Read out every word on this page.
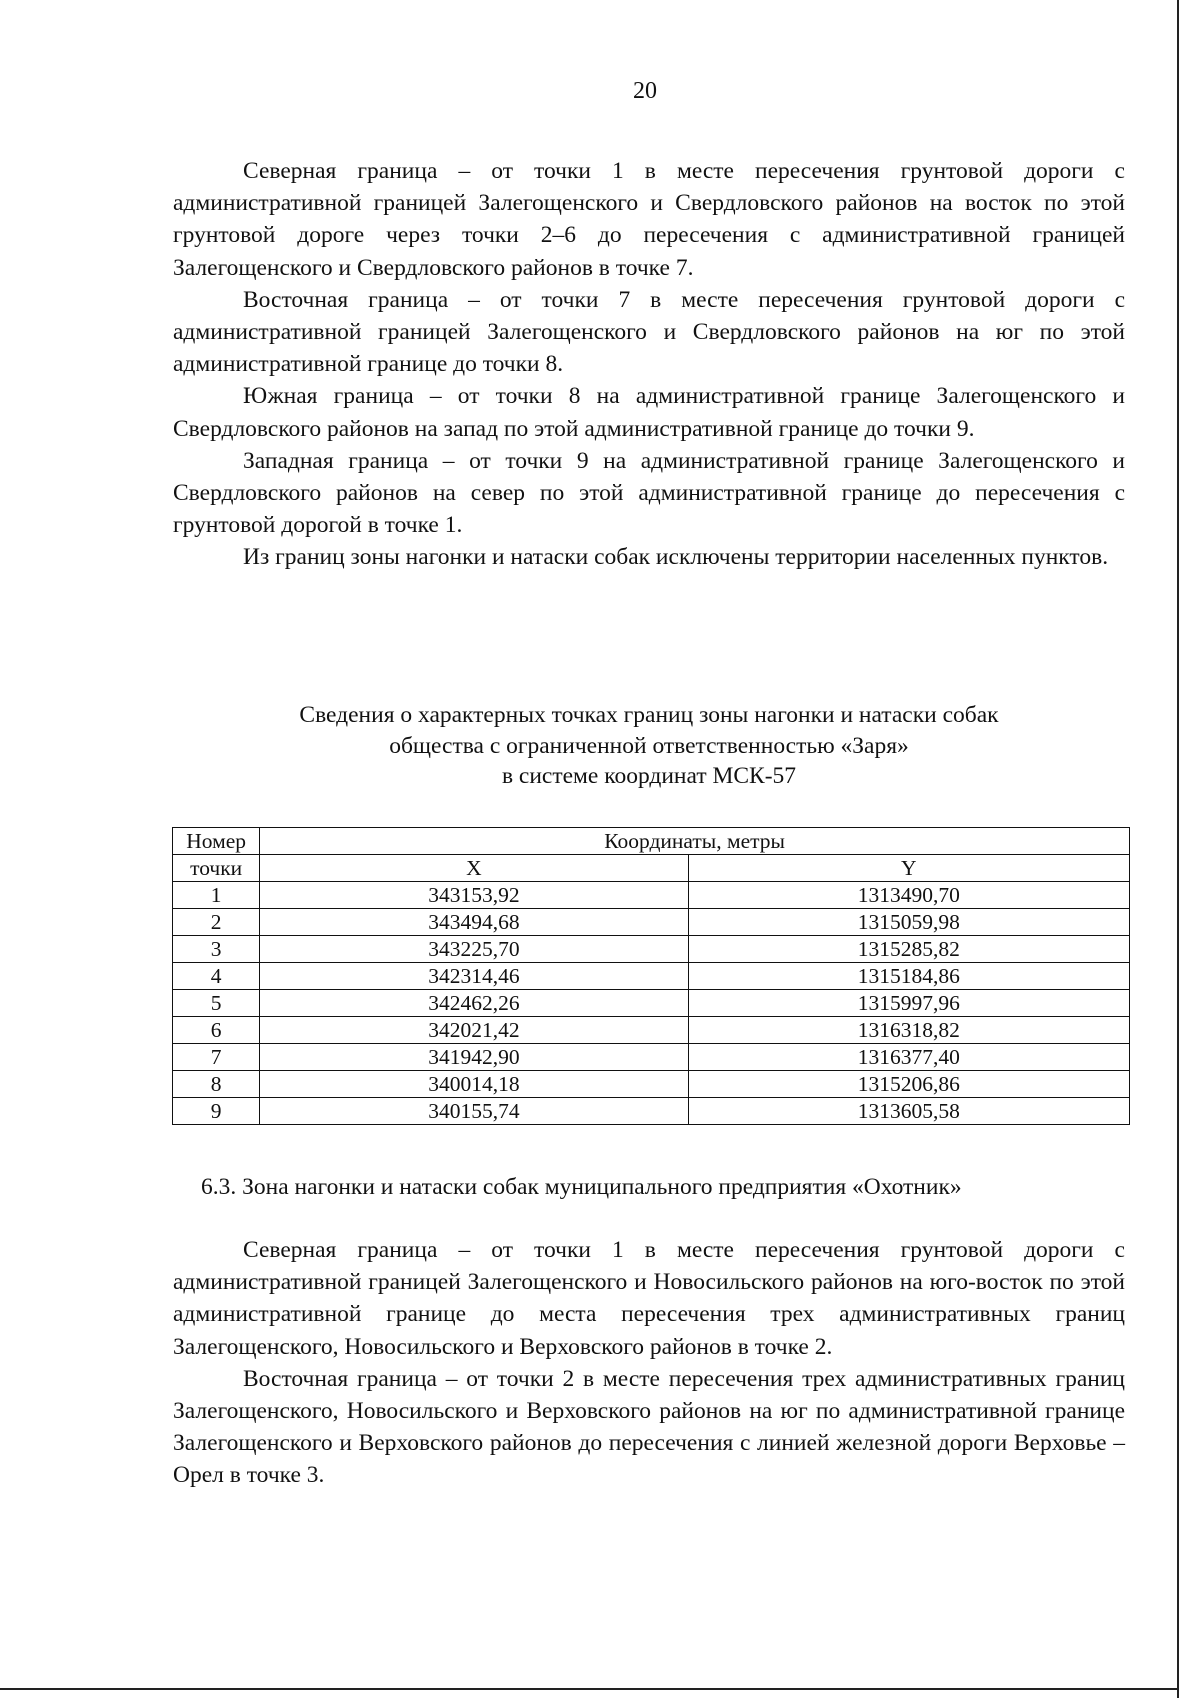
20

Северная граница – от точки 1 в месте пересечения грунтовой дороги с административной границей Залегощенского и Свердловского районов на восток по этой грунтовой дороге через точки 2–6 до пересечения с административной границей Залегощенского и Свердловского районов в точке 7.

Восточная граница – от точки 7 в месте пересечения грунтовой дороги с административной границей Залегощенского и Свердловского районов на юг по этой административной границе до точки 8.

Южная граница – от точки 8 на административной границе Залегощенского и Свердловского районов на запад по этой административной границе до точки 9.

Западная граница – от точки 9 на административной границе Залегощенского и Свердловского районов на север по этой административной границе до пересечения с грунтовой дорогой в точке 1.

Из границ зоны нагонки и натаски собак исключены территории населенных пунктов.

Сведения о характерных точках границ зоны нагонки и натаски собак
общества с ограниченной ответственностью «Заря»
в системе координат МСК-57
Номер	Координаты, метры	
точки	X	Y
1	343153,92	1313490,70
2	343494,68	1315059,98
3	343225,70	1315285,82
4	342314,46	1315184,86
5	342462,26	1315997,96
6	342021,42	1316318,82
7	341942,90	1316377,40
8	340014,18	1315206,86
9	340155,74	1313605,58
6.3. Зона нагонки и натаски собак муниципального предприятия «Охотник»

Северная граница – от точки 1 в месте пересечения грунтовой дороги с административной границей Залегощенского и Новосильского районов на юго-восток по этой административной границе до места пересечения трех административных границ Залегощенского, Новосильского и Верховского районов в точке 2.

Восточная граница – от точки 2 в месте пересечения трех административных границ Залегощенского, Новосильского и Верховского районов на юг по административной границе Залегощенского и Верховского районов до пересечения с линией железной дороги Верховье – Орел в точке 3.
